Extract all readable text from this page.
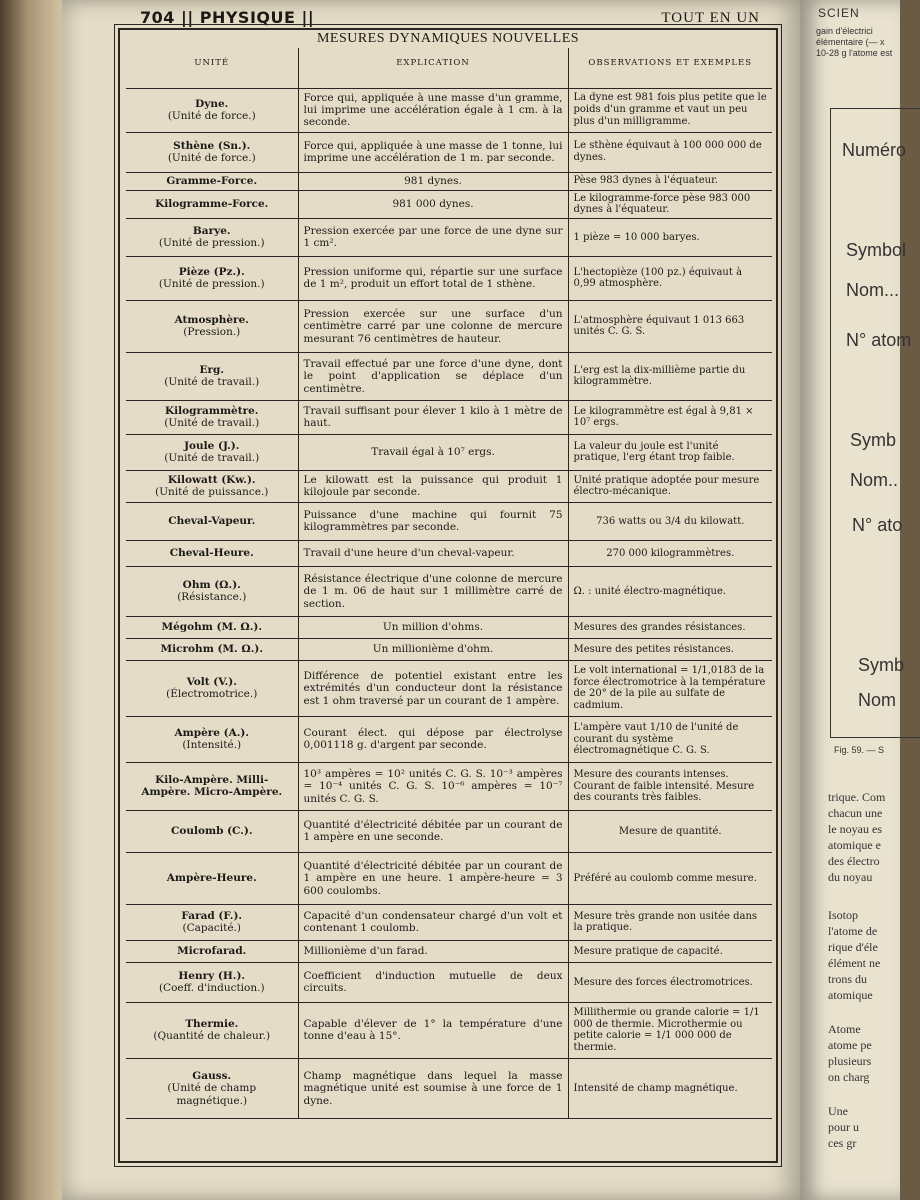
704 || PHYSIQUE ||	TOUT EN UN
MESURES DYNAMIQUES NOUVELLES
UNITÉ	EXPLICATION	OBSERVATIONS ET EXEMPLES

Dyne.
(Unité de force.)	Force qui, appliquée à une masse d'un gramme, lui imprime une accélération égale à 1 cm. à la seconde.	La dyne est 981 fois plus petite que le poids d'un gramme et vaut un peu plus d'un milligramme.

Sthène (Sn.).
(Unité de force.)	Force qui, appliquée à une masse de 1 tonne, lui imprime une accélération de 1 m. par seconde.	Le sthène équivaut à 100 000 000 de dynes.

Gramme-Force.	981 dynes.	Pèse 983 dynes à l'équateur.

Kilogramme-Force.	981 000 dynes.	Le kilogramme-force pèse 983 000 dynes à l'équateur.

Barye.
(Unité de pression.)	Pression exercée par une force de une dyne sur 1 cm².	1 pièze = 10 000 baryes.

Pièze (Pz.).
(Unité de pression.)	Pression uniforme qui, répartie sur une surface de 1 m², produit un effort total de 1 sthène.	L'hectopièze (100 pz.) équivaut à 0,99 atmosphère.

Atmosphère.
(Pression.)	Pression exercée sur une surface d'un centimètre carré par une colonne de mercure mesurant 76 centimètres de hauteur.	L'atmosphère équivaut 1 013 663 unités C. G. S.

Erg.
(Unité de travail.)	Travail effectué par une force d'une dyne, dont le point d'application se déplace d'un centimètre.	L'erg est la dix-millième partie du kilogrammètre.

Kilogrammètre.
(Unité de travail.)	Travail suffisant pour élever 1 kilo à 1 mètre de haut.	Le kilogrammètre est égal à 9,81 × 10⁷ ergs.

Joule (J.).
(Unité de travail.)	Travail égal à 10⁷ ergs.	La valeur du joule est l'unité pratique, l'erg étant trop faible.

Kilowatt (Kw.).
(Unité de puissance.)	Le kilowatt est la puissance qui produit 1 kilojoule par seconde.	Unité pratique adoptée pour mesure électro-mécanique.

Cheval-Vapeur.	Puissance d'une machine qui fournit 75 kilogrammètres par seconde.	736 watts ou 3/4 du kilowatt.

Cheval-Heure.	Travail d'une heure d'un cheval-vapeur.	270 000 kilogrammètres.

Ohm (Ω.).
(Résistance.)	Résistance électrique d'une colonne de mercure de 1 m. 06 de haut sur 1 millimètre carré de section.	Ω. : unité électro-magnétique.

Mégohm (M. Ω.).	Un million d'ohms.	Mesures des grandes résistances.

Microhm (M. Ω.).	Un millionième d'ohm.	Mesure des petites résistances.

Volt (V.).
(Électromotrice.)	Différence de potentiel existant entre les extrémités d'un conducteur dont la résistance est 1 ohm traversé par un courant de 1 ampère.	Le volt international = 1/1,0183 de la force électromotrice à la température de 20° de la pile au sulfate de cadmium.

Ampère (A.).
(Intensité.)	Courant élect. qui dépose par électrolyse 0,001118 g. d'argent par seconde.	L'ampère vaut 1/10 de l'unité de courant du système électromagnétique C. G. S.

Kilo-Ampère. Milli-Ampère. Micro-Ampère.	10³ ampères = 10² unités C. G. S. 10⁻³ ampères = 10⁻⁴ unités C. G. S. 10⁻⁶ ampères = 10⁻⁷ unités C. G. S.	Mesure des courants intenses. Courant de faible intensité. Mesure des courants très faibles.

Coulomb (C.).	Quantité d'électricité débitée par un courant de 1 ampère en une seconde.	Mesure de quantité.

Ampère-Heure.	Quantité d'électricité débitée par un courant de 1 ampère en une heure. 1 ampère-heure = 3 600 coulombs.	Préféré au coulomb comme mesure.

Farad (F.).
(Capacité.)	Capacité d'un condensateur chargé d'un volt et contenant 1 coulomb.	Mesure très grande non usitée dans la pratique.

Microfarad.	Millionième d'un farad.	Mesure pratique de capacité.

Henry (H.).
(Coeff. d'induction.)	Coefficient d'induction mutuelle de deux circuits.	Mesure des forces électromotrices.

Thermie.
(Quantité de chaleur.)	Capable d'élever de 1° la température d'une tonne d'eau à 15°.	Millithermie ou grande calorie = 1/1 000 de thermie. Microthermie ou petite calorie = 1/1 000 000 de thermie.

Gauss.
(Unité de champ magnétique.)	Champ magnétique dans lequel la masse magnétique unité est soumise à une force de 1 dyne.	Intensité de champ magnétique.
SCIEN
gain d'électrici élémentaire (— x 10-28 g l'atome est
Numéro
Symbol
Nom...
N° atom
Symb
Nom..
N° ato
Symb
Nom
Fig. 59. — S
trique. Com
chacun une
le noyau es
atomique e
des électro
du noyau
Isotop
l'atome de
rique d'éle
élément ne
trons du
atomique
Atome
atome pe
plusieurs
on charg
Une
pour u
ces gr
